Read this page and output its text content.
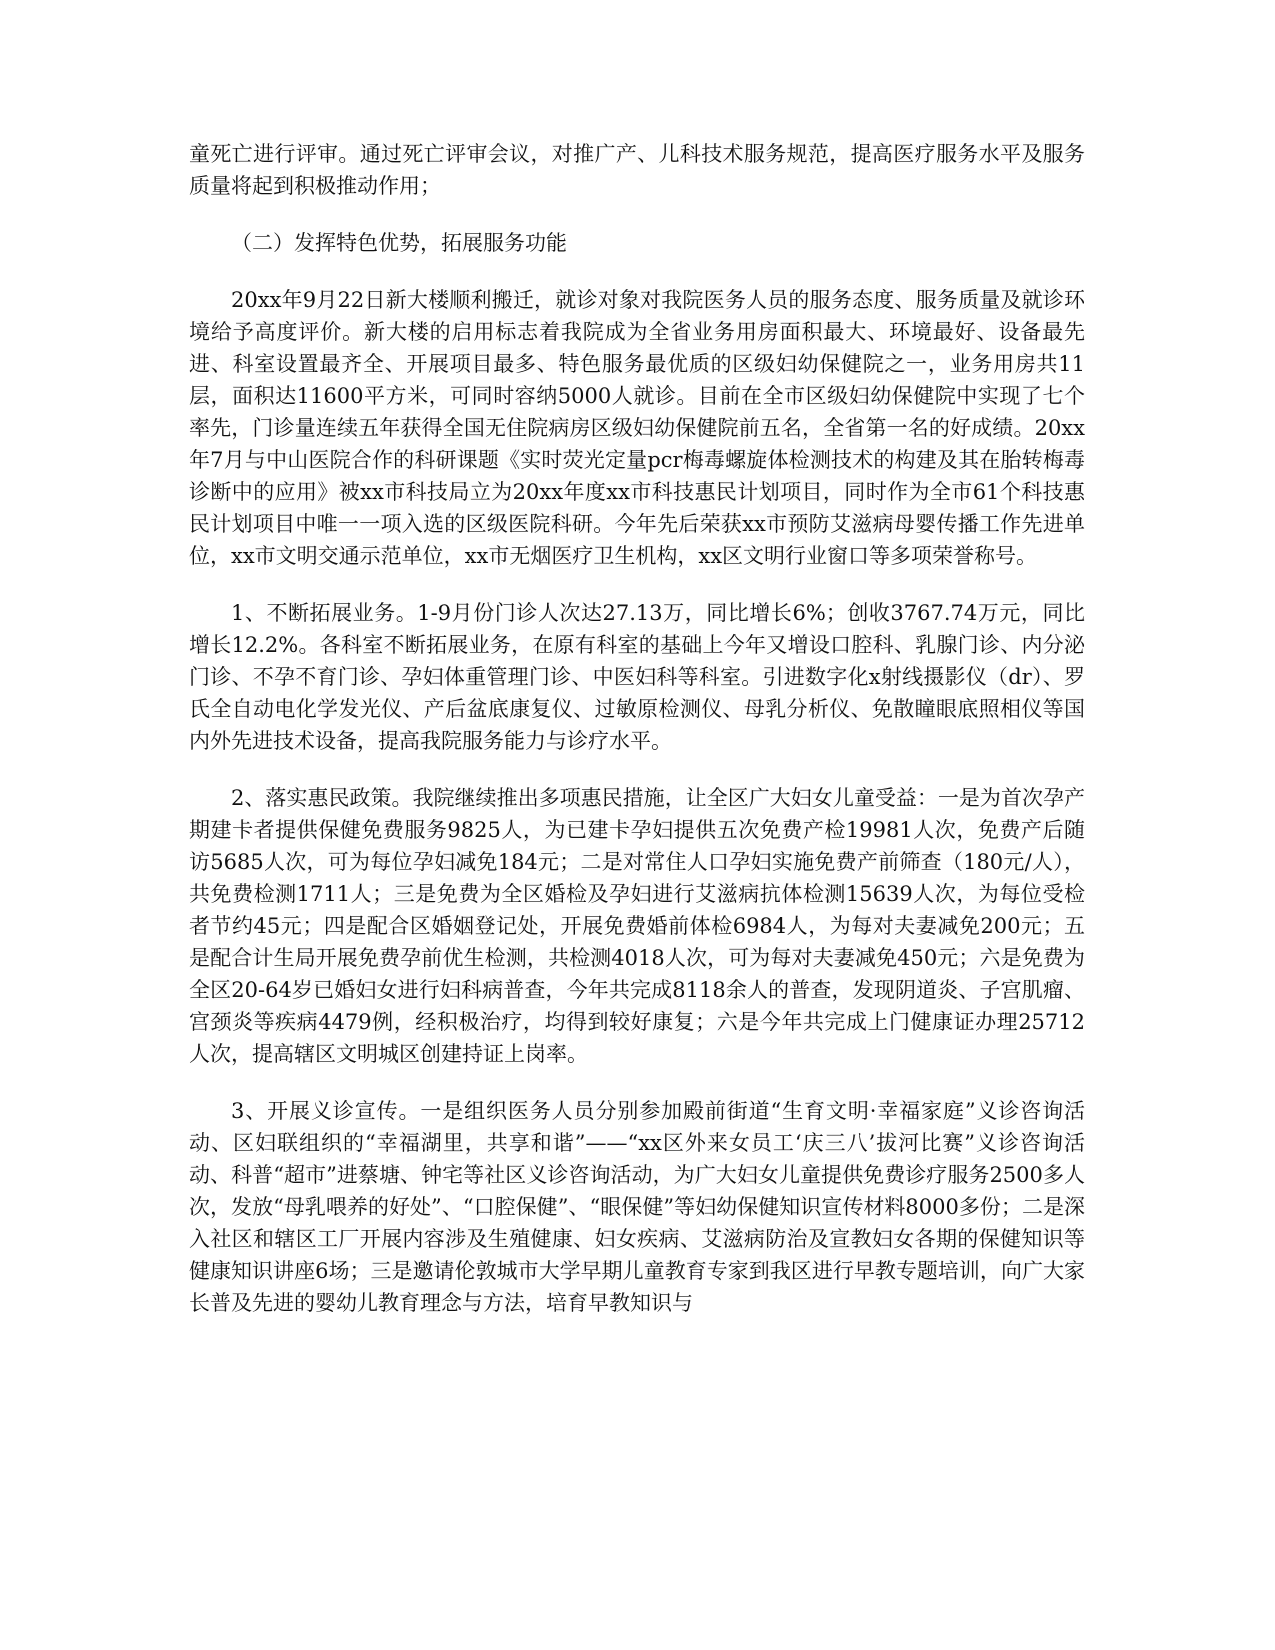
童死亡进行评审。通过死亡评审会议，对推广产、儿科技术服务规范，提高医疗服务水平及服务质量将起到积极推动作用；

（二）发挥特色优势，拓展服务功能

20xx年9月22日新大楼顺利搬迁，就诊对象对我院医务人员的服务态度、服务质量及就诊环境给予高度评价。新大楼的启用标志着我院成为全省业务用房面积最大、环境最好、设备最先进、科室设置最齐全、开展项目最多、特色服务最优质的区级妇幼保健院之一，业务用房共11层，面积达11600平方米，可同时容纳5000人就诊。目前在全市区级妇幼保健院中实现了七个率先，门诊量连续五年获得全国无住院病房区级妇幼保健院前五名，全省第一名的好成绩。20xx年7月与中山医院合作的科研课题《实时荧光定量pcr梅毒螺旋体检测技术的构建及其在胎转梅毒诊断中的应用》被xx市科技局立为20xx年度xx市科技惠民计划项目，同时作为全市61个科技惠民计划项目中唯一一项入选的区级医院科研。今年先后荣获xx市预防艾滋病母婴传播工作先进单位，xx市文明交通示范单位，xx市无烟医疗卫生机构，xx区文明行业窗口等多项荣誉称号。

1、不断拓展业务。1-9月份门诊人次达27.13万，同比增长6%；创收3767.74万元，同比增长12.2%。各科室不断拓展业务，在原有科室的基础上今年又增设口腔科、乳腺门诊、内分泌门诊、不孕不育门诊、孕妇体重管理门诊、中医妇科等科室。引进数字化x射线摄影仪（dr）、罗氏全自动电化学发光仪、产后盆底康复仪、过敏原检测仪、母乳分析仪、免散瞳眼底照相仪等国内外先进技术设备，提高我院服务能力与诊疗水平。

2、落实惠民政策。我院继续推出多项惠民措施，让全区广大妇女儿童受益：一是为首次孕产期建卡者提供保健免费服务9825人，为已建卡孕妇提供五次免费产检19981人次，免费产后随访5685人次，可为每位孕妇减免184元；二是对常住人口孕妇实施免费产前筛查（180元/人），共免费检测1711人；三是免费为全区婚检及孕妇进行艾滋病抗体检测15639人次，为每位受检者节约45元；四是配合区婚姻登记处，开展免费婚前体检6984人，为每对夫妻减免200元；五是配合计生局开展免费孕前优生检测，共检测4018人次，可为每对夫妻减免450元；六是免费为全区20-64岁已婚妇女进行妇科病普查，今年共完成8118余人的普查，发现阴道炎、子宫肌瘤、宫颈炎等疾病4479例，经积极治疗，均得到较好康复；六是今年共完成上门健康证办理25712人次，提高辖区文明城区创建持证上岗率。

3、开展义诊宣传。一是组织医务人员分别参加殿前街道“生育文明·幸福家庭”义诊咨询活动、区妇联组织的“幸福湖里，共享和谐”——“xx区外来女员工‘庆三八’拔河比赛”义诊咨询活动、科普“超市”进蔡塘、钟宅等社区义诊咨询活动，为广大妇女儿童提供免费诊疗服务2500多人次，发放“母乳喂养的好处”、“口腔保健”、“眼保健”等妇幼保健知识宣传材料8000多份；二是深入社区和辖区工厂开展内容涉及生殖健康、妇女疾病、艾滋病防治及宣教妇女各期的保健知识等健康知识讲座6场；三是邀请伦敦城市大学早期儿童教育专家到我区进行早教专题培训，向广大家长普及先进的婴幼儿教育理念与方法，培育早教知识与
